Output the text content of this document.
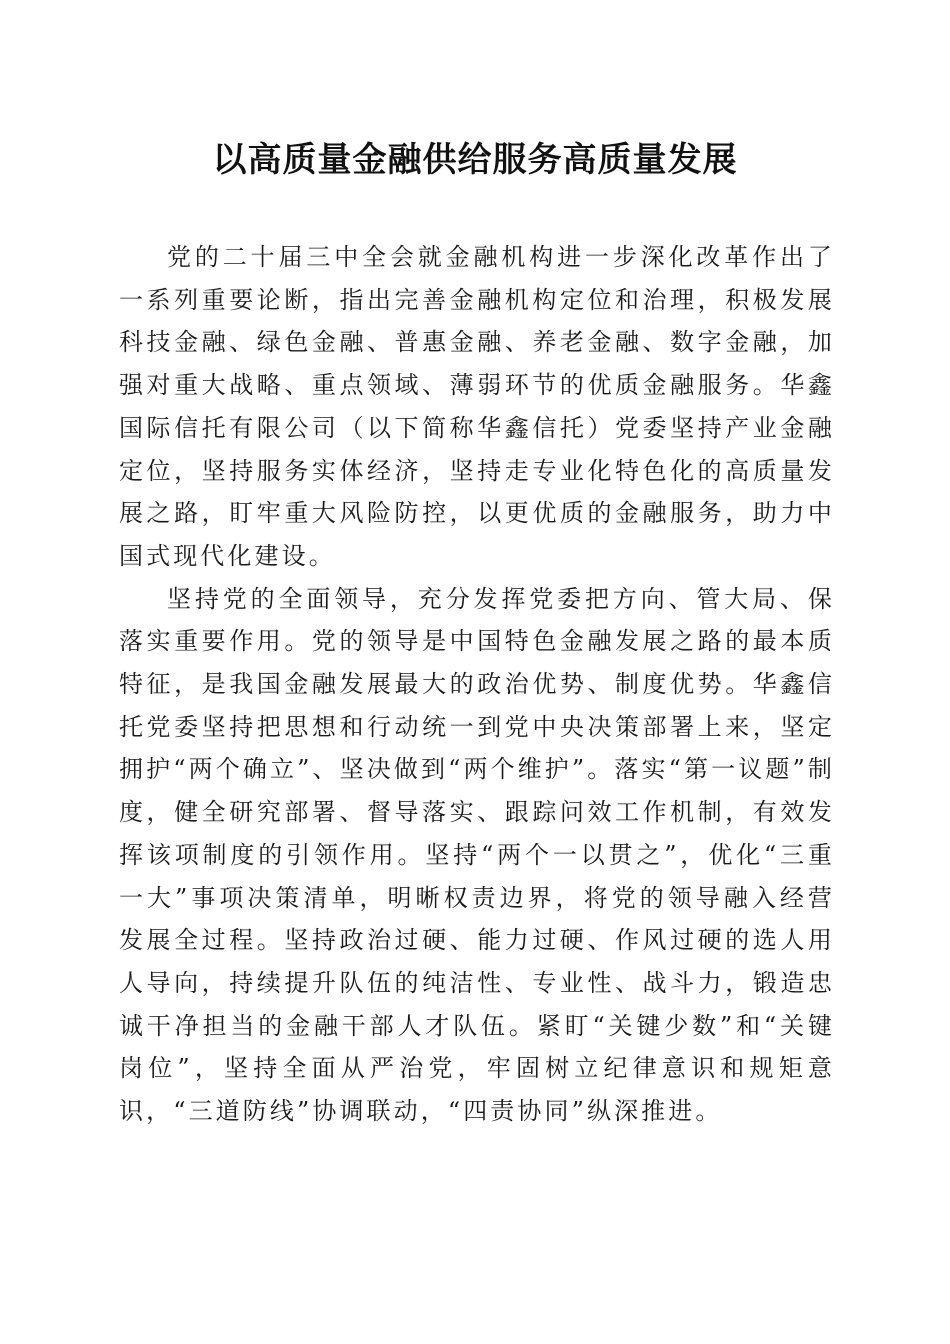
以高质量金融供给服务高质量发展

党的二十届三中全会就金融机构进一步深化改革作出了一系列重要论断，指出完善金融机构定位和治理，积极发展科技金融、绿色金融、普惠金融、养老金融、数字金融，加强对重大战略、重点领域、薄弱环节的优质金融服务。华鑫国际信托有限公司（以下简称华鑫信托）党委坚持产业金融定位，坚持服务实体经济，坚持走专业化特色化的高质量发展之路，盯牢重大风险防控，以更优质的金融服务，助力中国式现代化建设。

坚持党的全面领导，充分发挥党委把方向、管大局、保落实重要作用。党的领导是中国特色金融发展之路的最本质特征，是我国金融发展最大的政治优势、制度优势。华鑫信托党委坚持把思想和行动统一到党中央决策部署上来，坚定拥护“两个确立”、坚决做到“两个维护”。落实“第一议题”制度，健全研究部署、督导落实、跟踪问效工作机制，有效发挥该项制度的引领作用。坚持“两个一以贯之”，优化“三重一大”事项决策清单，明晰权责边界，将党的领导融入经营发展全过程。坚持政治过硬、能力过硬、作风过硬的选人用人导向，持续提升队伍的纯洁性、专业性、战斗力，锻造忠诚干净担当的金融干部人才队伍。紧盯“关键少数”和“关键岗位”，坚持全面从严治党，牢固树立纪律意识和规矩意识，“三道防线”协调联动，“四责协同”纵深推进。
